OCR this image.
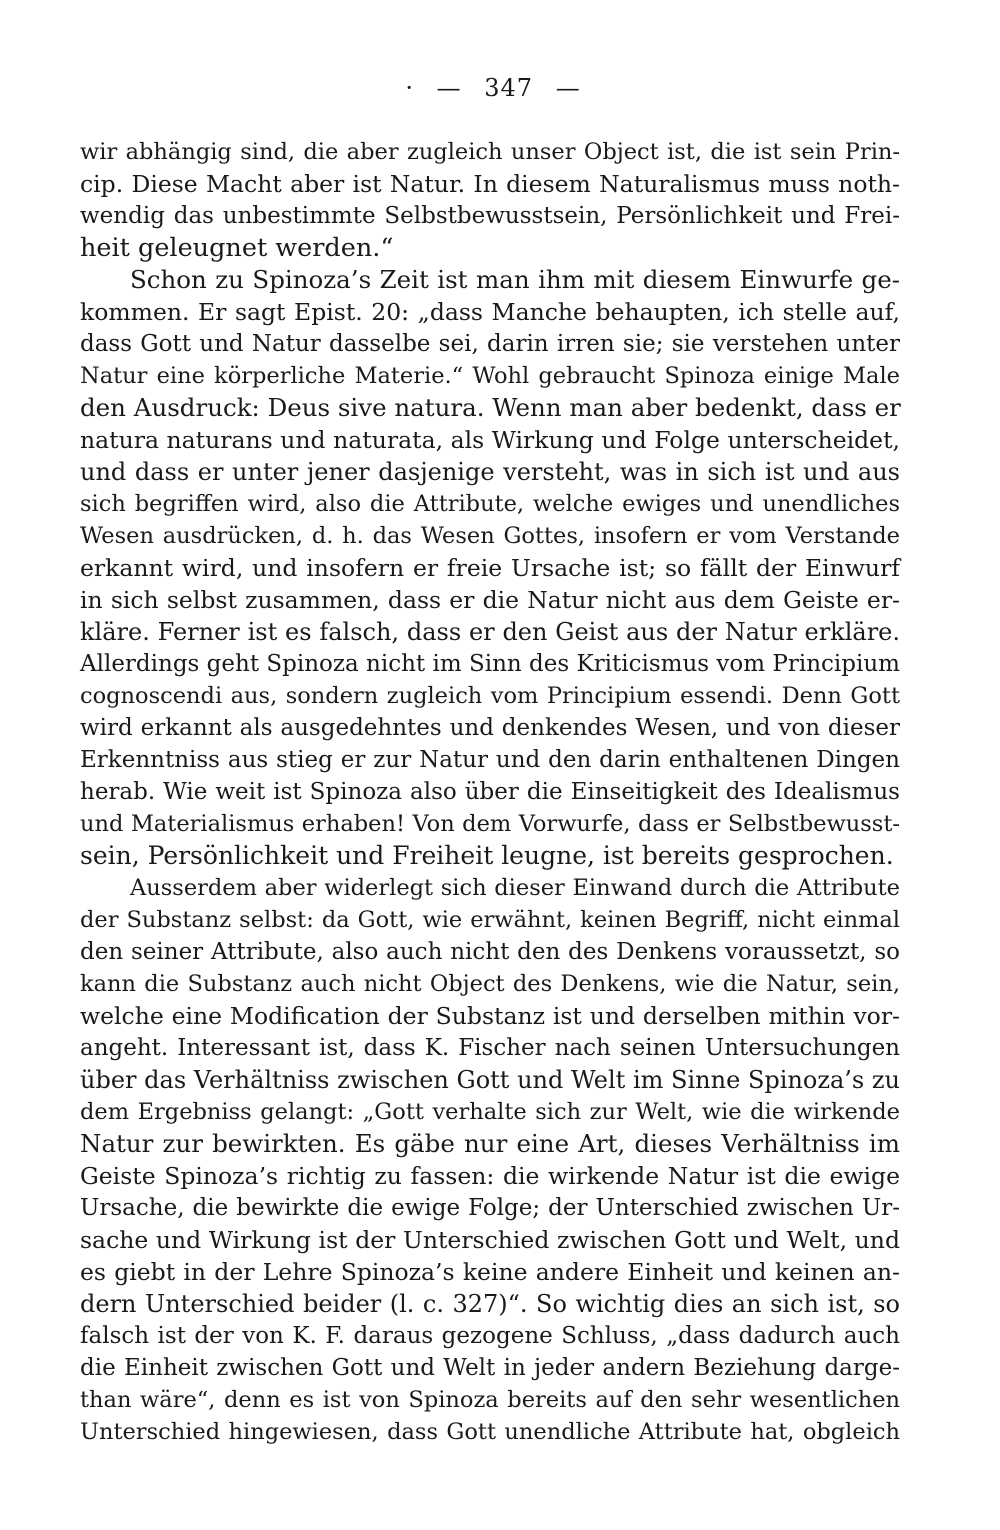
· — 347 —
wir abhängig sind, die aber zugleich unser Object ist, die ist sein Prin-
cip. Diese Macht aber ist Natur. In diesem Naturalismus muss noth-
wendig das unbestimmte Selbstbewusstsein, Persönlichkeit und Frei-
heit geleugnet werden.“
Schon zu Spinoza’s Zeit ist man ihm mit diesem Einwurfe ge-
kommen. Er sagt Epist. 20: „dass Manche behaupten, ich stelle auf,
dass Gott und Natur dasselbe sei, darin irren sie; sie verstehen unter
Natur eine körperliche Materie.“ Wohl gebraucht Spinoza einige Male
den Ausdruck: Deus sive natura. Wenn man aber bedenkt, dass er
natura naturans und naturata, als Wirkung und Folge unterscheidet,
und dass er unter jener dasjenige versteht, was in sich ist und aus
sich begriffen wird, also die Attribute, welche ewiges und unendliches
Wesen ausdrücken, d. h. das Wesen Gottes, insofern er vom Verstande
erkannt wird, und insofern er freie Ursache ist; so fällt der Einwurf
in sich selbst zusammen, dass er die Natur nicht aus dem Geiste er-
kläre. Ferner ist es falsch, dass er den Geist aus der Natur erkläre.
Allerdings geht Spinoza nicht im Sinn des Kriticismus vom Principium
cognoscendi aus, sondern zugleich vom Principium essendi. Denn Gott
wird erkannt als ausgedehntes und denkendes Wesen, und von dieser
Erkenntniss aus stieg er zur Natur und den darin enthaltenen Dingen
herab. Wie weit ist Spinoza also über die Einseitigkeit des Idealismus
und Materialismus erhaben! Von dem Vorwurfe, dass er Selbstbewusst-
sein, Persönlichkeit und Freiheit leugne, ist bereits gesprochen.
Ausserdem aber widerlegt sich dieser Einwand durch die Attribute
der Substanz selbst: da Gott, wie erwähnt, keinen Begriff, nicht einmal
den seiner Attribute, also auch nicht den des Denkens voraussetzt, so
kann die Substanz auch nicht Object des Denkens, wie die Natur, sein,
welche eine Modification der Substanz ist und derselben mithin vor-
angeht. Interessant ist, dass K. Fischer nach seinen Untersuchungen
über das Verhältniss zwischen Gott und Welt im Sinne Spinoza’s zu
dem Ergebniss gelangt: „Gott verhalte sich zur Welt, wie die wirkende
Natur zur bewirkten. Es gäbe nur eine Art, dieses Verhältniss im
Geiste Spinoza’s richtig zu fassen: die wirkende Natur ist die ewige
Ursache, die bewirkte die ewige Folge; der Unterschied zwischen Ur-
sache und Wirkung ist der Unterschied zwischen Gott und Welt, und
es giebt in der Lehre Spinoza’s keine andere Einheit und keinen an-
dern Unterschied beider (l. c. 327)“. So wichtig dies an sich ist, so
falsch ist der von K. F. daraus gezogene Schluss, „dass dadurch auch
die Einheit zwischen Gott und Welt in jeder andern Beziehung darge-
than wäre“, denn es ist von Spinoza bereits auf den sehr wesentlichen
Unterschied hingewiesen, dass Gott unendliche Attribute hat, obgleich
